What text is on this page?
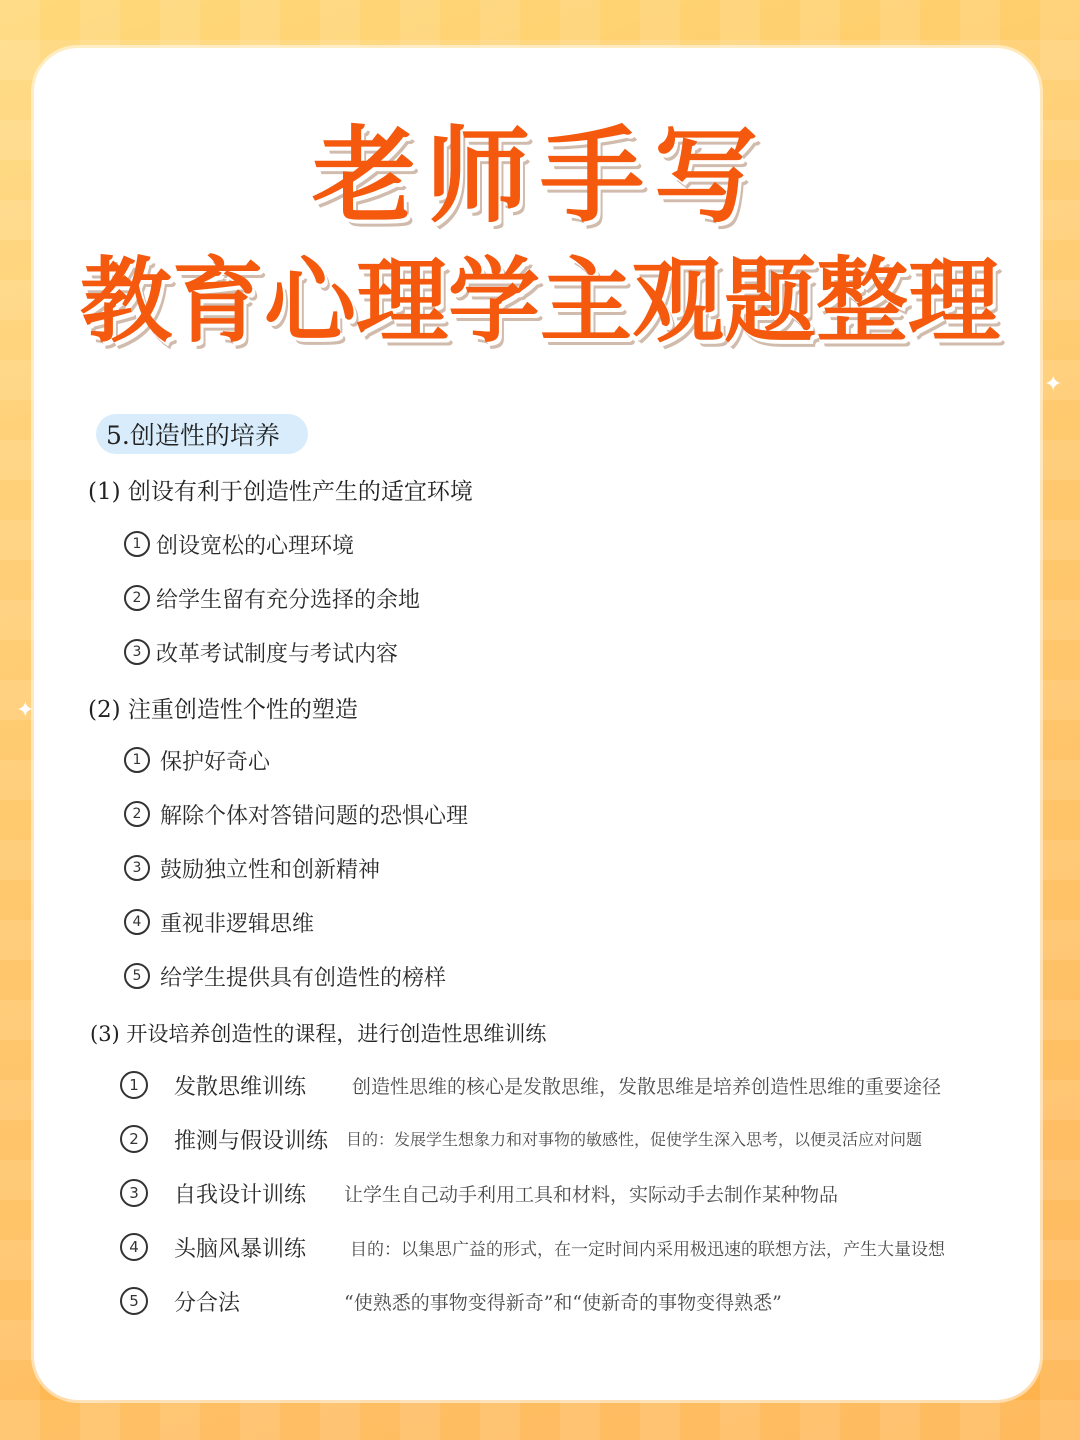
老师手写
教育心理学主观题整理
✦
✦
5.创造性的培养
(1) 创设有利于创造性产生的适宜环境
1 创设宽松的心理环境
2 给学生留有充分选择的余地
3 改革考试制度与考试内容
(2) 注重创造性个性的塑造
1 保护好奇心
2 解除个体对答错问题的恐惧心理
3 鼓励独立性和创新精神
4 重视非逻辑思维
5 给学生提供具有创造性的榜样
(3) 开设培养创造性的课程，进行创造性思维训练
1	发散思维训练 创造性思维的核心是发散思维，发散思维是培养创造性思维的重要途径
2	推测与假设训练 目的：发展学生想象力和对事物的敏感性，促使学生深入思考，以便灵活应对问题
3	自我设计训练 让学生自己动手利用工具和材料，实际动手去制作某种物品
4	头脑风暴训练	目的：以集思广益的形式，在一定时间内采用极迅速的联想方法，产生大量设想
5	分合法	“使熟悉的事物变得新奇”和“使新奇的事物变得熟悉”
